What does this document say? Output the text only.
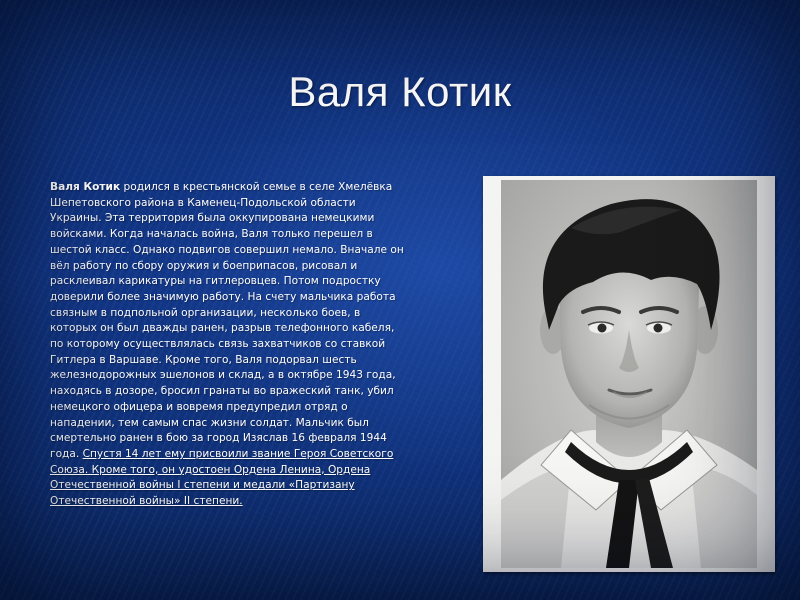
Валя Котик
Валя Котик родился в крестьянской семье в селе Хмелёвка Шепетовского района в Каменец-Подольской области Украины. Эта территория была оккупирована немецкими войсками. Когда началась война, Валя только перешел в шестой класс. Однако подвигов совершил немало. Вначале он вёл работу по сбору оружия и боеприпасов, рисовал и расклеивал карикатуры на гитлеровцев. Потом подростку доверили более значимую работу. На счету мальчика работа связным в подпольной организации, несколько боев, в которых он был дважды ранен, разрыв телефонного кабеля, по которому осуществлялась связь захватчиков со ставкой Гитлера в Варшаве. Кроме того, Валя подорвал шесть железнодорожных эшелонов и склад, а в октябре 1943 года, находясь в дозоре, бросил гранаты во вражеский танк, убил немецкого офицера и вовремя предупредил отряд о нападении, тем самым спас жизни солдат. Мальчик был смертельно ранен в бою за город Изяслав 16 февраля 1944 года. Спустя 14 лет ему присвоили звание Героя Советского Союза. Кроме того, он удостоен Ордена Ленина, Ордена Отечественной войны I степени и медали «Партизану Отечественной войны» II степени.
